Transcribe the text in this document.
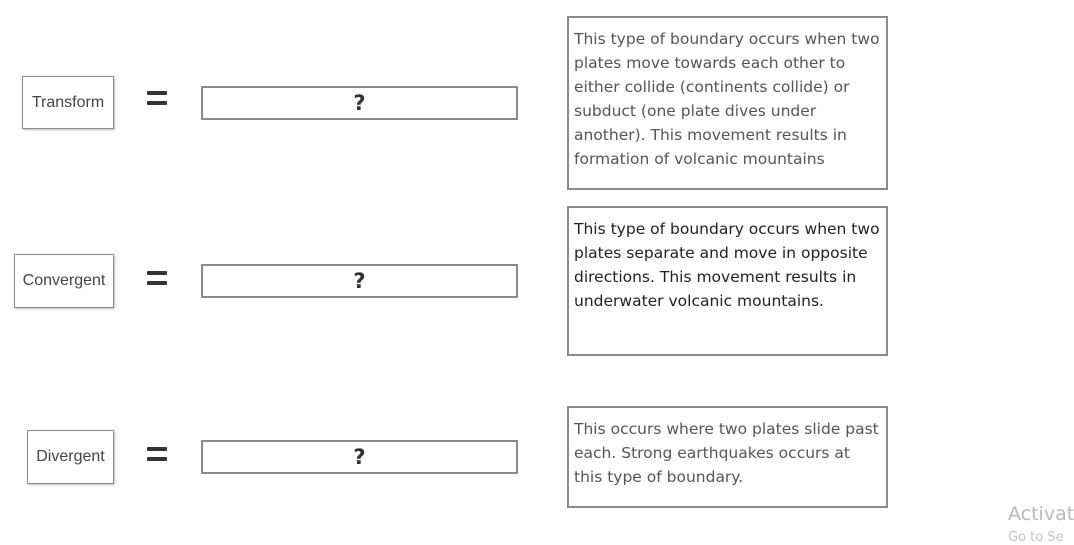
Transform	?
This type of boundary occurs when two plates move towards each other to either collide (continents collide) or subduct (one plate dives under another). This movement results in formation of volcanic mountains
Convergent	?
This type of boundary occurs when two plates separate and move in opposite directions. This movement results in underwater volcanic mountains.
Divergent	?
This occurs where two plates slide past each. Strong earthquakes occurs at this type of boundary.
Activat
Go to Se
